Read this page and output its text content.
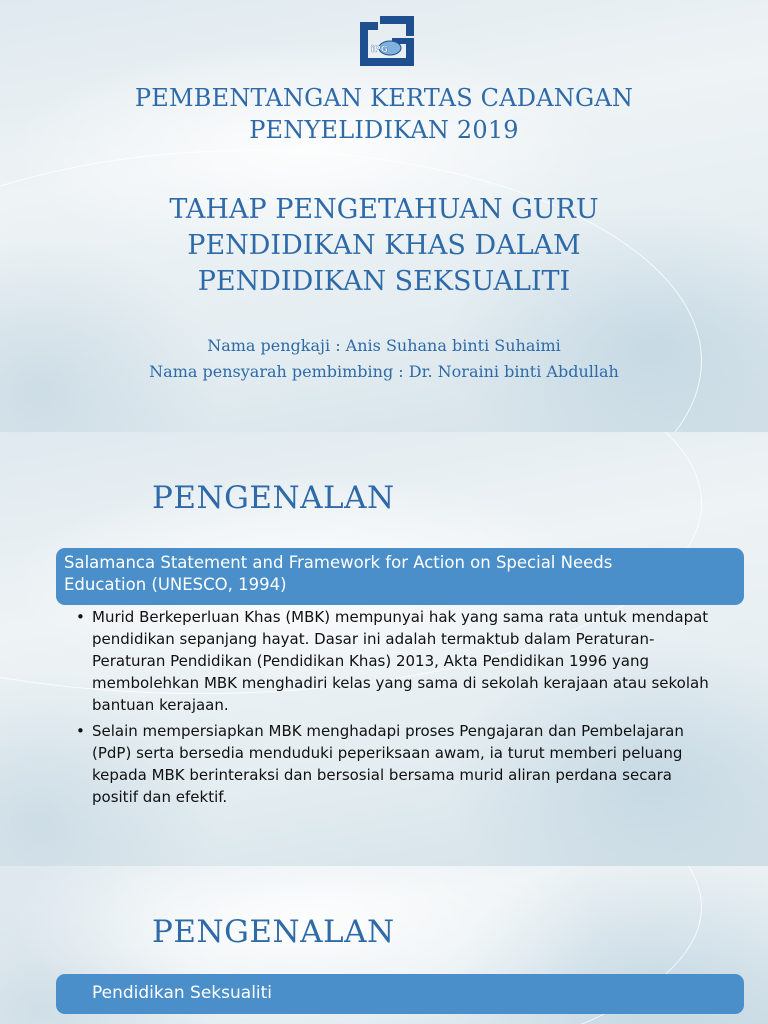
iPG
PEMBENTANGAN KERTAS CADANGAN
PENYELIDIKAN 2019
TAHAP PENGETAHUAN GURU
PENDIDIKAN KHAS DALAM
PENDIDIKAN SEKSUALITI
Nama pengkaji : Anis Suhana binti Suhaimi
Nama pensyarah pembimbing : Dr. Noraini binti Abdullah
PENGENALAN
Salamanca Statement and Framework for Action on Special Needs
Education (UNESCO, 1994)
• Murid Berkeperluan Khas (MBK) mempunyai hak yang sama rata untuk mendapat
pendidikan sepanjang hayat. Dasar ini adalah termaktub dalam Peraturan-
Peraturan Pendidikan (Pendidikan Khas) 2013, Akta Pendidikan 1996 yang
membolehkan MBK menghadiri kelas yang sama di sekolah kerajaan atau sekolah
bantuan kerajaan.
• Selain mempersiapkan MBK menghadapi proses Pengajaran dan Pembelajaran
(PdP) serta bersedia menduduki peperiksaan awam, ia turut memberi peluang
kepada MBK berinteraksi dan bersosial bersama murid aliran perdana secara
positif dan efektif.
PENGENALAN
Pendidikan Seksualiti
